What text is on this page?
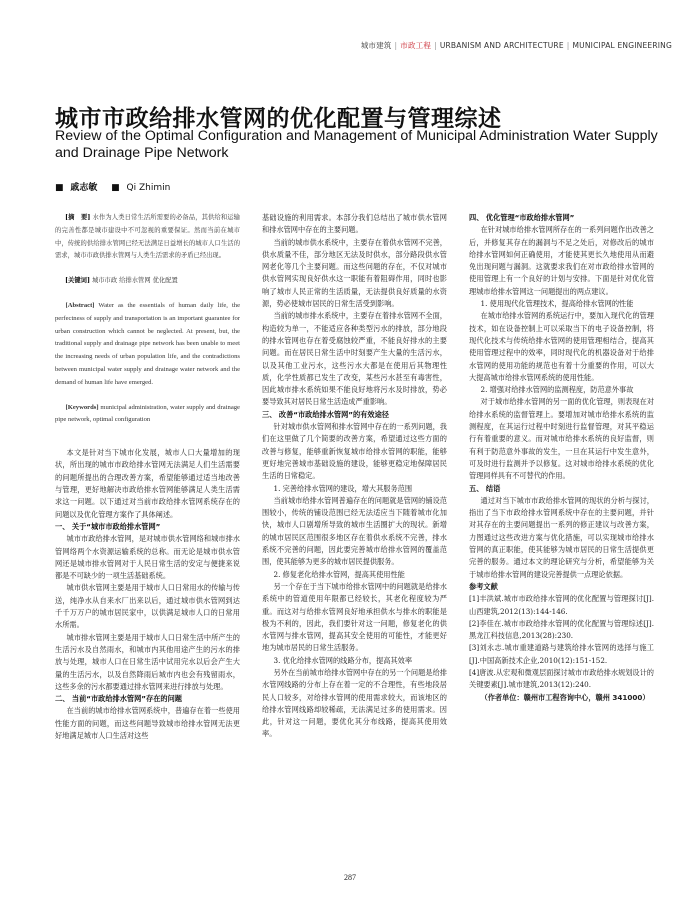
城市建筑 | 市政工程 | URBANISM AND ARCHITECTURE | MUNICIPAL ENGINEERING
城市市政给排水管网的优化配置与管理综述
Review of the Optimal Configuration and Management of Municipal Administration Water Supply and Drainage Pipe Network
■ 戚志敏 ■ Qi Zhimin

[摘　要] 水作为人类日常生活所需要的必备品，其供给和运输的完善性都是城市建设中不可忽视的重要保证。然而当前在城市中，传统的供给排水管网已经无法满足日益增长的城市人口生活的需求，城市市政供排水管网与人类生活需求的矛盾已经出现。

[关键词] 城市市政 给排水管网 优化配置

[Abstract] Water as the essentials of human daily life, the perfectness of supply and transportation is an important guarantee for urban construction which cannot be neglected. At present, but, the traditional supply and drainage pipe network has been unable to meet the increasing needs of urban population life, and the contradictions between municipal water supply and drainage water network and the demand of human life have emerged.

[Keywords] municipal administration, water supply and drainage pipe network, optimal configuration

本文是针对当下城市化发展，城市人口大量增加的现状，所出现的城市市政给排水管网无法满足人们生活需要的问题所提出的合理改善方案，希望能够通过适当地改善与管理，更好地解决市政给排水管网能够满足人类生活需求这一问题。以下通过对当前市政给排水管网系统存在的问题以及优化管理方案作了具体阐述。

一、 关于“城市市政给排水管网”

城市市政给排水管网，是对城市供水管网络和城市排水管网络两个水资源运输系统的总称。而无论是城市供水管网还是城市排水管网对于人民日常生活的安定与便捷来说都是不可缺少的一项生活基础系统。

城市供水管网主要是用于城市人口日常用水的传输与传送，纯净水从自来水厂出来以后，通过城市供水管网到达千千万万户的城市居民家中，以供满足城市人口的日常用水所需。

城市排水管网主要是用于城市人口日常生活中所产生的生活污水及自然雨水，和城市内其他用途产生的污水的排放与处理，城市人口在日常生活中试用完水以后会产生大量的生活污水，以及自然降雨后城市内也会有残留雨水，这些多余的污水都要通过排水管网来进行排放与处理。

二、 当前“市政给排水管网”存在的问题

在当前的城市给排水管网系统中，普遍存在着一些使用性能方面的问题，而这些问题导致城市给排水管网无法更好地满足城市人口生活对这些

基础设施的利用需求。本部分我们总结出了城市供水管网和排水管网中存在的主要问题。

当前的城市供水系统中，主要存在着供水管网不完善，供水质量不佳，部分地区无法及时供水，部分路段供水管网老化等几个主要问题。而这些问题的存在，不仅对城市供水管网实现良好供水这一职能有着阻碍作用，同时也影响了城市人民正常的生活质量，无法提供良好质量的水资源，势必使城市居民的日常生活受到影响。

当前的城市排水系统中，主要存在着排水管网不全面，构造较为单一，不能适应各种类型污水的排放，部分地段的排水管网也存在着受腐蚀较严重，不能良好排水的主要问题。而在居民日常生活中时刻要产生大量的生活污水，以及其他工业污水，这些污水大都是在使用后其物理性质，化学性质都已发生了改变，某些污水甚至有毒害性，因此城市排水系统如果不能良好地将污水及时排放，势必要导致其对居民日常生活造成严重影响。

三、 改善“市政给排水管网”的有效途径

针对城市供水管网和排水管网中存在的一系列问题，我们在这里做了几个简要的改善方案，希望通过这些方面的改善与修复，能够重新恢复城市给排水管网的职能，能够更好地完善城市基础设施的建设，能够更稳定地保障居民生活的日常稳定。

1. 完善给排水管网的建设，增大其服务范围

当前城市给排水管网普遍存在的问题就是管网的铺设范围较小，传统的铺设范围已经无法适应当下随着城市化加快，城市人口剧增所导致的城市生活圈扩大的现状。新增的城市居民区范围很多地区存在着供水系统不完善，排水系统不完善的问题，因此要完善城市给排水管网的覆盖范围，使其能够为更多的城市居民提供服务。

2. 修复老化给排水管网，提高其使用性能

另一个存在于当下城市给排水管网中的问题就是给排水系统中的管道使用年限都已经较长，其老化程度较为严重。而这对与给排水管网良好地承担供水与排水的职能是极为不利的，因此，我们要针对这一问题，修复老化的供水管网与排水管网，提高其安全使用的可能性，才能更好地为城市居民的日常生活服务。

3. 优化给排水管网的线路分布，提高其效率

另外在当前城市给排水管网中存在的另一个问题是给排水管网线路的分布上存在着一定的不合理性，有些地段居民人口较多，对给排水管网的使用需求较大，而该地区的给排水管网线路却较稀疏，无法满足过多的使用需求。因此，针对这一问题，要优化其分布线路，提高其使用效率。

四、 优化管理“市政给排水管网”

在针对城市给排水管网所存在的一系列问题作出改善之后，并修复其存在的漏洞与不足之处后，对修改后的城市给排水管网如何正确使用，才能使其更长久地使用从而避免出现问题与漏洞。这就要求我们在对市政给排水管网的使用管理上有一个良好的计划与安排。下面是针对优化管理城市给排水管网这一问题提出的两点建议。

1. 使用现代化管理技术，提高给排水管网的性能

在城市给排水管网的系统运行中，要加入现代化的管理技术，如在设备控制上可以采取当下的电子设备控制，将现代化技术与传统给排水管网的使用管理相结合，提高其使用管理过程中的效率，同时现代化的机器设备对于给排水管网的使用功能的规范也有着十分重要的作用，可以大大提高城市给排水管网系统的使用性能。

2. 增强对给排水管网的监测程度，防范意外事故

对于城市给排水管网的另一面的优化管理，则表现在对给排水系统的监督管理上。要增加对城市给排水系统的监测程度，在其运行过程中时刻进行监督管理，对其平稳运行有着重要的意义。而对城市给排水系统的良好监督，则有利于防范意外事故的发生，一旦在其运行中发生意外，可及时进行监测并予以修复。这对城市给排水系统的优化管理同样具有不可替代的作用。

五、 结语

通过对当下城市市政给排水管网的现状的分析与探讨，指出了当下市政给排水管网系统中存在的主要问题，并针对其存在的主要问题提出一系列的修正建议与改善方案，力图通过这些改进方案与优化措施，可以实现城市给排水管网的真正职能，使其能够为城市居民的日常生活提供更完善的服务。通过本文的理论研究与分析，希望能够为关于城市给排水管网的建设完善提供一点理论依据。

参考文献

[1]丰洪斌.城市市政给排水管网的优化配置与管理探讨[J].山西建筑,2012(13):144-146.

[2]李佳在.城市市政给排水管网的优化配置与管理综述[J].黑龙江科技信息,2013(28):230.

[3]刘永志.城市重建道路与建筑给排水管网的选择与施工[J].中国高新技术企业,2010(12):151-152.

[4]唐波.从宏观和微观层面探讨城市市政给排水规划设计的关键要素[J].城市建筑,2013(12):240.

（作者单位：赣州市工程咨询中心，赣州 341000）

287
